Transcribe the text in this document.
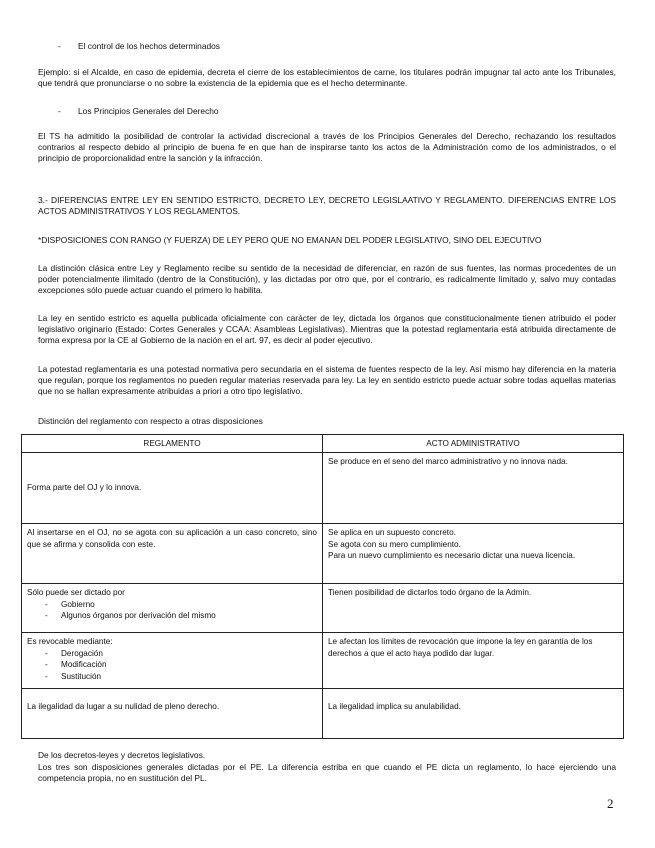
- El control de los hechos determinados

Ejemplo: si el Alcalde, en caso de epidemia, decreta el cierre de los establecimientos de carne, los titulares podrán impugnar tal acto ante los Tribunales, que tendrá que pronunciarse o no sobre la existencia de la epidemia que es el hecho determinante.

- Los Principios Generales del Derecho

El TS ha admitido la posibilidad de controlar la actividad discrecional a través de los Principios Generales del Derecho, rechazando los resultados contrarios al respecto debido al principio de buena fe en que han de inspirarse tanto los actos de la Administración como de los administrados, o el principio de proporcionalidad entre la sanción y la infracción.

3.- DIFERENCIAS ENTRE LEY EN SENTIDO ESTRICTO, DECRETO LEY, DECRETO LEGISLAATIVO Y REGLAMENTO. DIFERENCIAS ENTRE LOS ACTOS ADMINISTRATIVOS Y LOS REGLAMENTOS.

*DISPOSICIONES CON RANGO (Y FUERZA) DE LEY PERO QUE NO EMANAN DEL PODER LEGISLATIVO, SINO DEL EJECUTIVO

La distinción clásica entre Ley y Reglamento recibe su sentido de la necesidad de diferenciar, en razón de sus fuentes, las normas procedentes de un poder potencialmente ilimitado (dentro de la Constitución), y las dictadas por otro que, por el contrario, es radicalmente limitado y, salvo muy contadas excepciones sólo puede actuar cuando el primero lo habilita.

La ley en sentido estricto es aquella publicada oficialmente con carácter de ley, dictada los órganos que constitucionalmente tienen atribuido el poder legislativo originario (Estado: Cortes Generales y CCAA: Asambleas Legislativas). Mientras que la potestad reglamentaria está atribuida directamente de forma expresa por la CE al Gobierno de la nación en el art. 97, es decir al poder ejecutivo.

La potestad reglamentaria es una potestad normativa pero secundaria en el sistema de fuentes respecto de la ley. Así mismo hay diferencia en la materia que regulan, porque los reglamentos no pueden regular materias reservada para ley. La ley en sentido estricto puede actuar sobre todas aquellas materias que no se hallan expresamente atribuidas a priori a otro tipo legislativo.

Distinción del reglamento con respecto a otras disposiciones

REGLAMENTO	ACTO ADMINISTRATIVO
Forma parte del OJ y lo innova.	Se produce en el seno del marco administrativo y no innova nada.
Al insertarse en el OJ, no se agota con su aplicación a un caso concreto, sino que se afirma y consolida con este.	Se aplica en un supuesto concreto.
Se agota con su mero cumplimiento.
Para un nuevo cumplimiento es necesario dictar una nueva licencia.

Sólo puede ser dictado por
- Gobierno
- Algunos órganos por derivación del mismo	Tienen posibilidad de dictarlos todo órgano de la Admin.

Es revocable mediante:
- Derogación
- Modificación
- Sustitución	Le afectan los límites de revocación que impone la ley en garantía de los derechos a que el acto haya podido dar lugar.
La ilegalidad da lugar a su nulidad de pleno derecho.	La ilegalidad implica su anulabilidad.

De los decretos-leyes y decretos legislativos.

Los tres son disposiciones generales dictadas por el PE. La diferencia estriba en que cuando el PE dicta un reglamento, lo hace ejerciendo una competencia propia, no en sustitución del PL.

2
